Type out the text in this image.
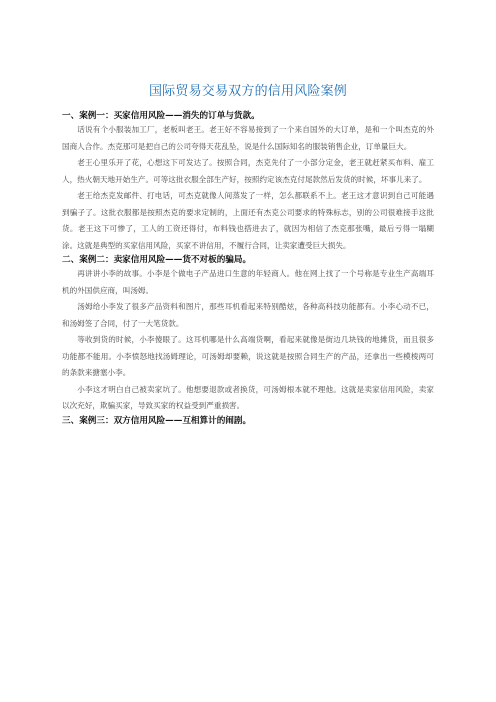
国际贸易交易双方的信用风险案例
一、案例一：买家信用风险——消失的订单与货款。

话说有个小服装加工厂，老板叫老王。老王好不容易接到了一个来自国外的大订单，是和一个叫杰克的外国商人合作。杰克那可是把自己的公司夸得天花乱坠，说是什么国际知名的服装销售企业，订单量巨大。

老王心里乐开了花，心想这下可发达了。按照合同，杰克先付了一小部分定金，老王就赶紧买布料、雇工人，热火朝天地开始生产。可等这批衣服全部生产好，按照约定该杰克付尾款然后发货的时候，坏事儿来了。

老王给杰克发邮件、打电话，可杰克就像人间蒸发了一样，怎么都联系不上。老王这才意识到自己可能遇到骗子了。这批衣服都是按照杰克的要求定制的，上面还有杰克公司要求的特殊标志，别的公司很难接手这批货。老王这下可惨了，工人的工资还得付，布料钱也搭进去了，就因为相信了杰克那张嘴，最后亏得一塌糊涂。这就是典型的买家信用风险，买家不讲信用，不履行合同，让卖家遭受巨大损失。

二、案例二：卖家信用风险——货不对板的骗局。

再讲讲小李的故事。小李是个做电子产品进口生意的年轻商人。他在网上找了一个号称是专业生产高端耳机的外国供应商，叫汤姆。

汤姆给小李发了很多产品资料和图片，那些耳机看起来特别酷炫，各种高科技功能都有。小李心动不已，和汤姆签了合同，付了一大笔货款。

等收到货的时候，小李傻眼了。这耳机哪是什么高端货啊，看起来就像是街边几块钱的地摊货，而且很多功能都不能用。小李愤怒地找汤姆理论，可汤姆却要赖，说这就是按照合同生产的产品，还拿出一些模棱两可的条款来搪塞小李。

小李这才明白自己被卖家坑了。他想要退款或者换货，可汤姆根本就不理他。这就是卖家信用风险，卖家以次充好，欺骗买家，导致买家的权益受到严重损害。

三、案例三：双方信用风险——互相算计的闹剧。
